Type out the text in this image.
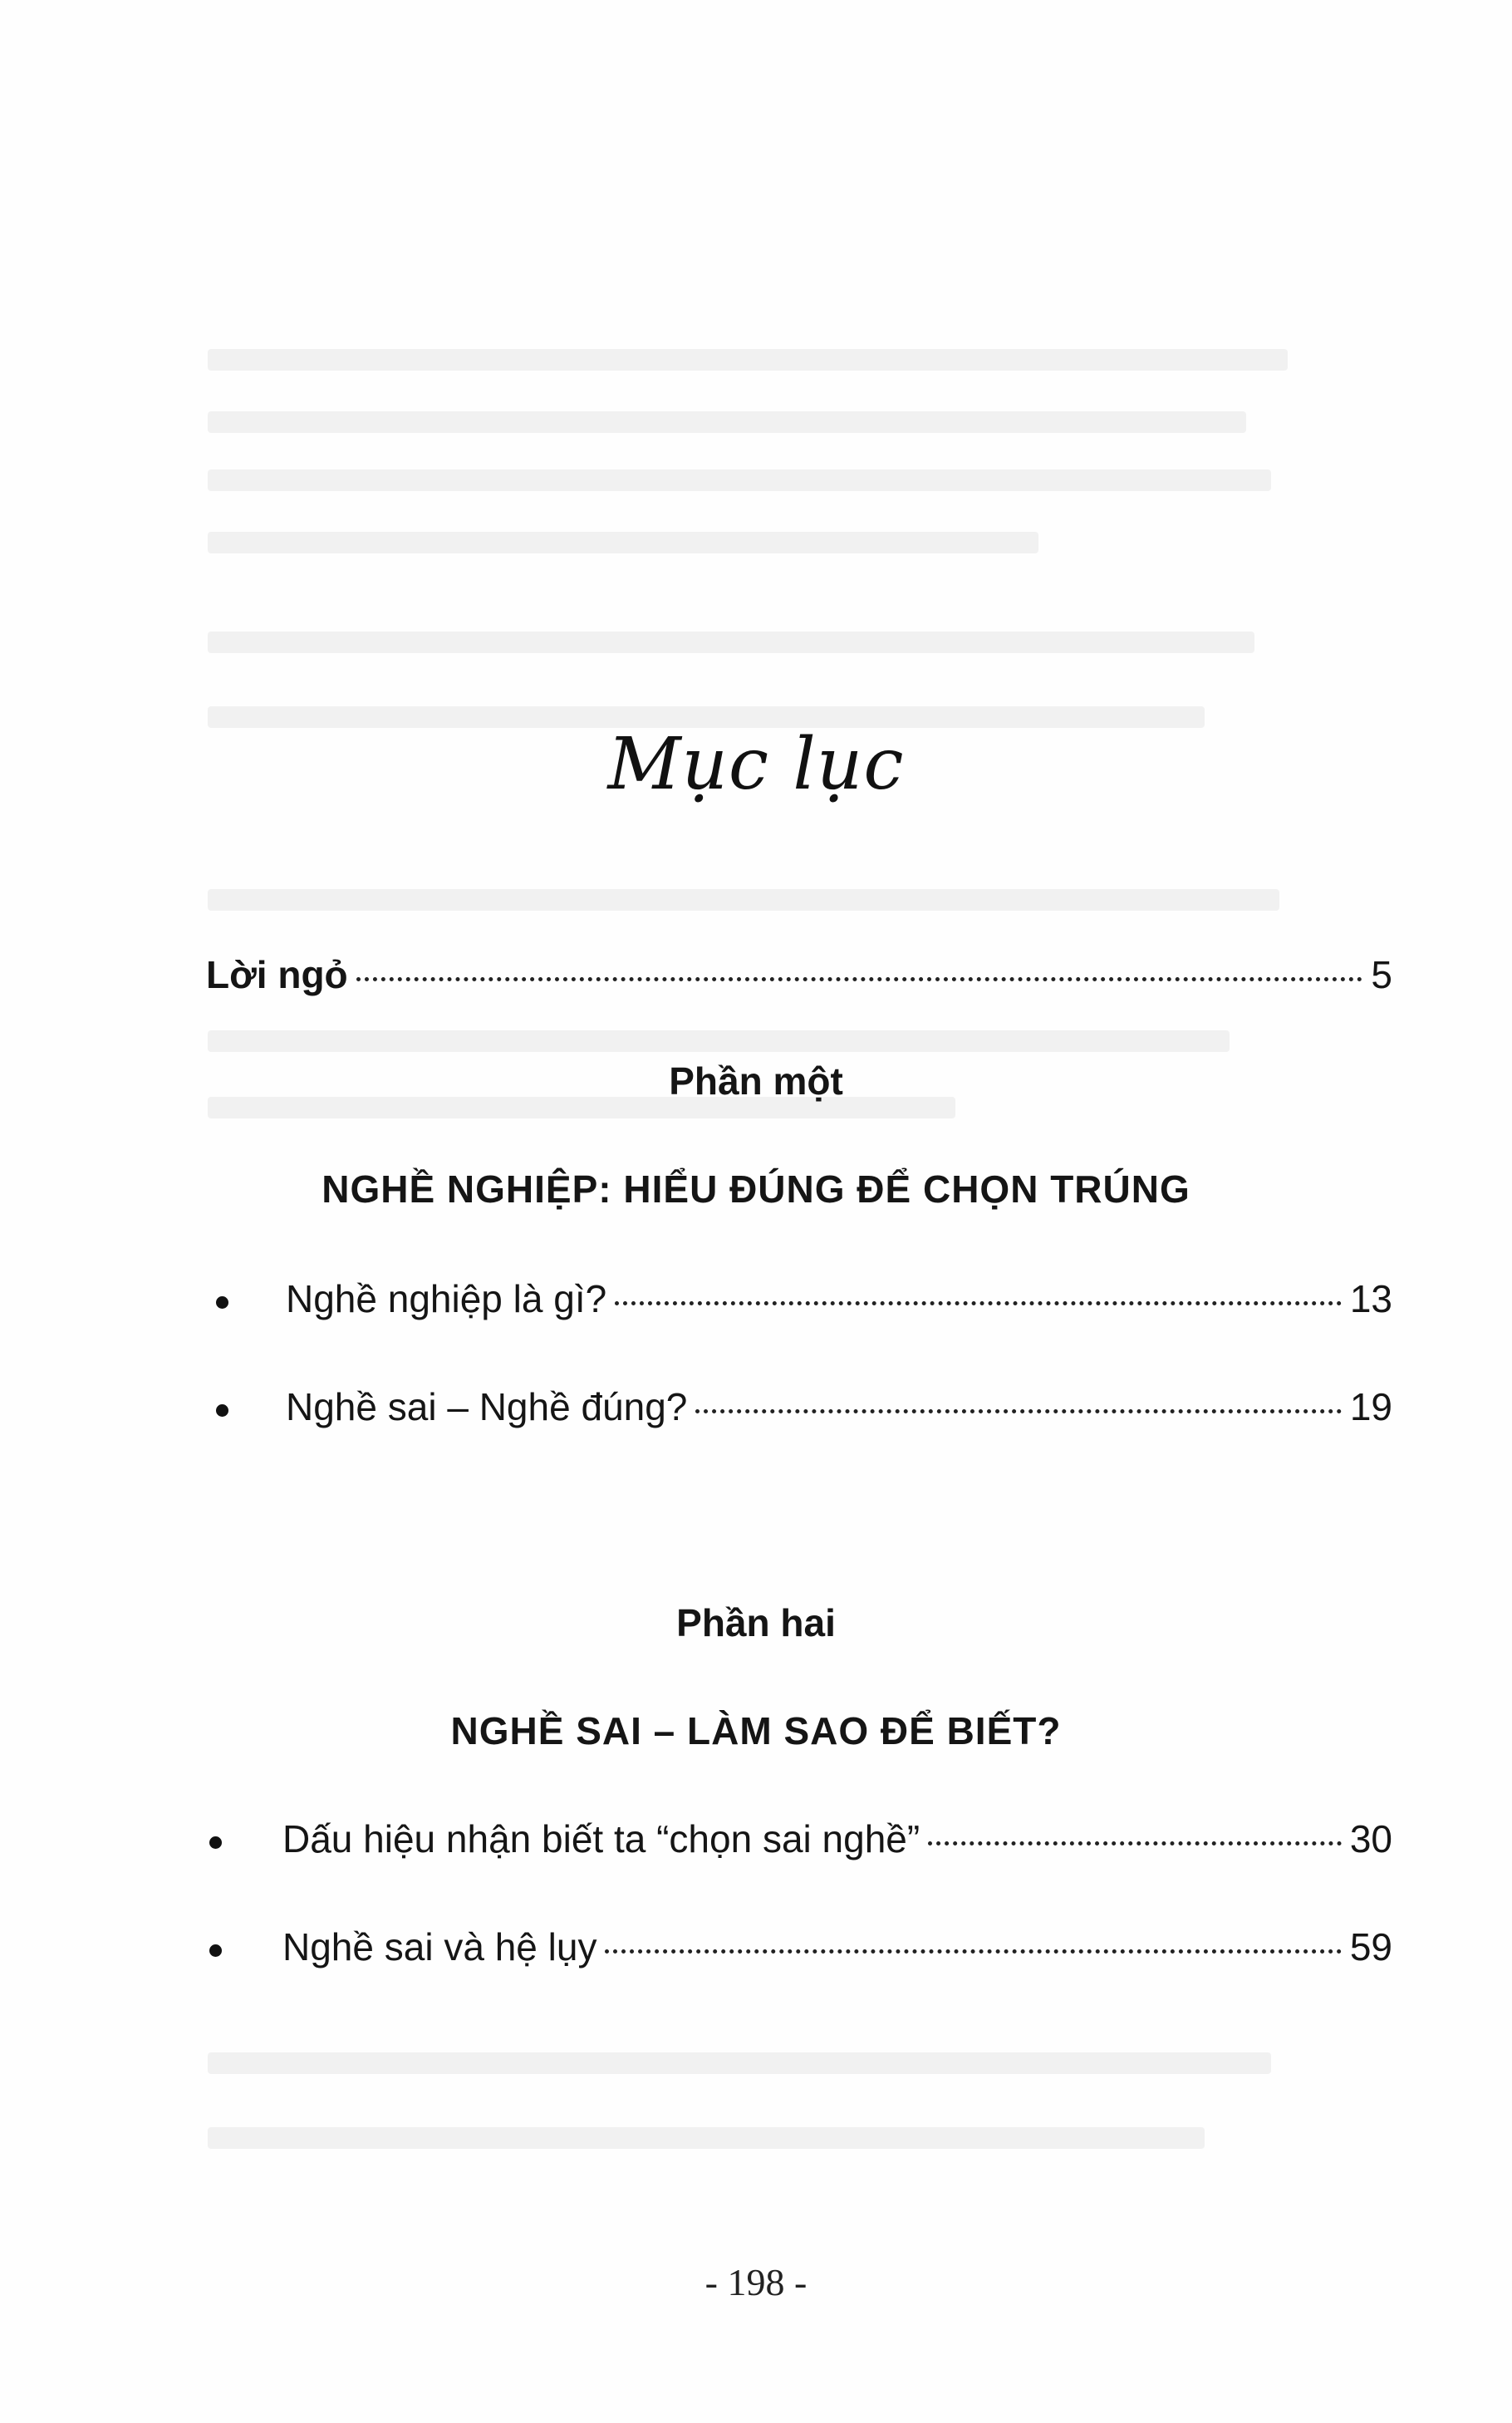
Mục lục
Lời ngỏ	5
Phần một
NGHỀ NGHIỆP: HIỂU ĐÚNG ĐỂ CHỌN TRÚNG
Nghề nghiệp là gì?	13
Nghề sai – Nghề đúng?	19
Phần hai
NGHỀ SAI – LÀM SAO ĐỂ BIẾT?
Dấu hiệu nhận biết ta “chọn sai nghề”	30
Nghề sai và hệ lụy	59
- 198 -
